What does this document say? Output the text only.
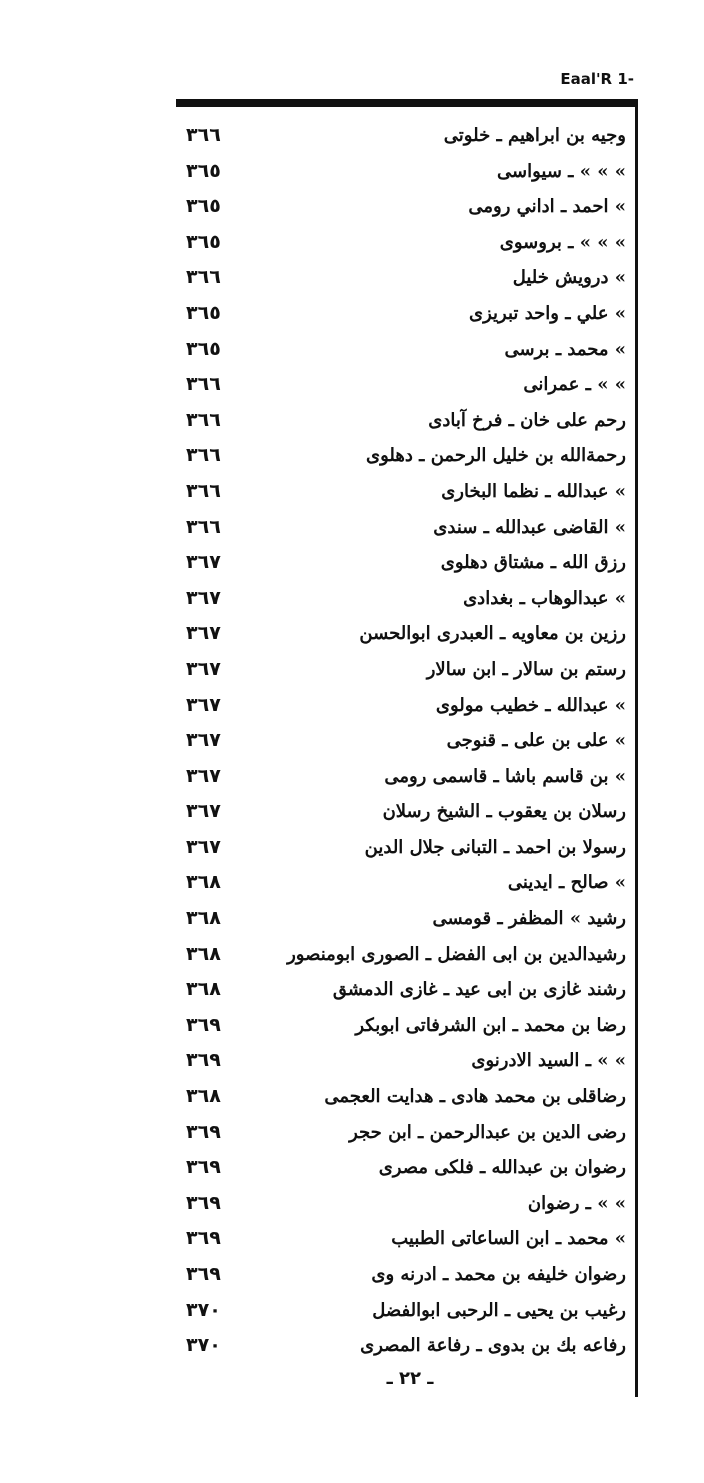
Eaal'R 1-
وجيه بن ابراهيم ـ خلوتی
۳٦٦
» » » ـ سیواسی
۳٦٥
» احمد ـ اداني رومی
۳٦٥
» » » ـ بروسوی
۳٦٥
» درويش خليل
۳٦٦
» علي ـ واحد تبریزی
۳٦٥
» محمد ـ برسی
۳٦٥
» » ـ عمرانی
۳٦٦
رحم علی خان ـ فرخ آبادی
۳٦٦
رحمةالله بن خليل الرحمن ـ دهلوی
۳٦٦
» عبدالله ـ نظما البخاری
۳٦٦
» القاضی عبدالله ـ سندی
۳٦٦
رزق الله ـ مشتاق دهلوی
۳٦۷
» عبدالوهاب ـ بغدادی
۳٦۷
رزين بن معاويه ـ العبدری ابوالحسن
۳٦۷
رستم بن سالار ـ ابن سالار
۳٦۷
» عبدالله ـ خطیب مولوی
۳٦۷
» علی بن علی ـ قنوجی
۳٦۷
» بن قاسم باشا ـ قاسمی رومی
۳٦۷
رسلان بن يعقوب ـ الشيخ رسلان
۳٦۷
رسولا بن احمد ـ التبانی جلال الدين
۳٦۷
» صالح ـ ایدینی
۳٦۸
رشید » المظفر ـ قومسی
۳٦۸
رشيدالدين بن ابی الفضل ـ الصوری ابومنصور
۳٦۸
رشند غازی بن ابی عيد ـ غازی الدمشق
۳٦۸
رضا بن محمد ـ ابن الشرفاتی ابوبكر
۳٦۹
» » ـ السيد الادرنوی
۳٦۹
رضاقلی بن محمد هادی ـ هدايت العجمی
۳٦۸
رضی الدين بن عبدالرحمن ـ ابن حجر
۳٦۹
رضوان بن عبدالله ـ فلكی مصری
۳٦۹
» » ـ رضوان
۳٦۹
» محمد ـ ابن الساعاتی الطبيب
۳٦۹
رضوان خليفه بن محمد ـ ادرنه وی
۳٦۹
رغيب بن يحيی ـ الرحبی ابوالفضل
۳۷۰
رفاعه بك بن بدوی ـ رفاعة المصری
۳۷۰
ـ ۲۲ ـ
